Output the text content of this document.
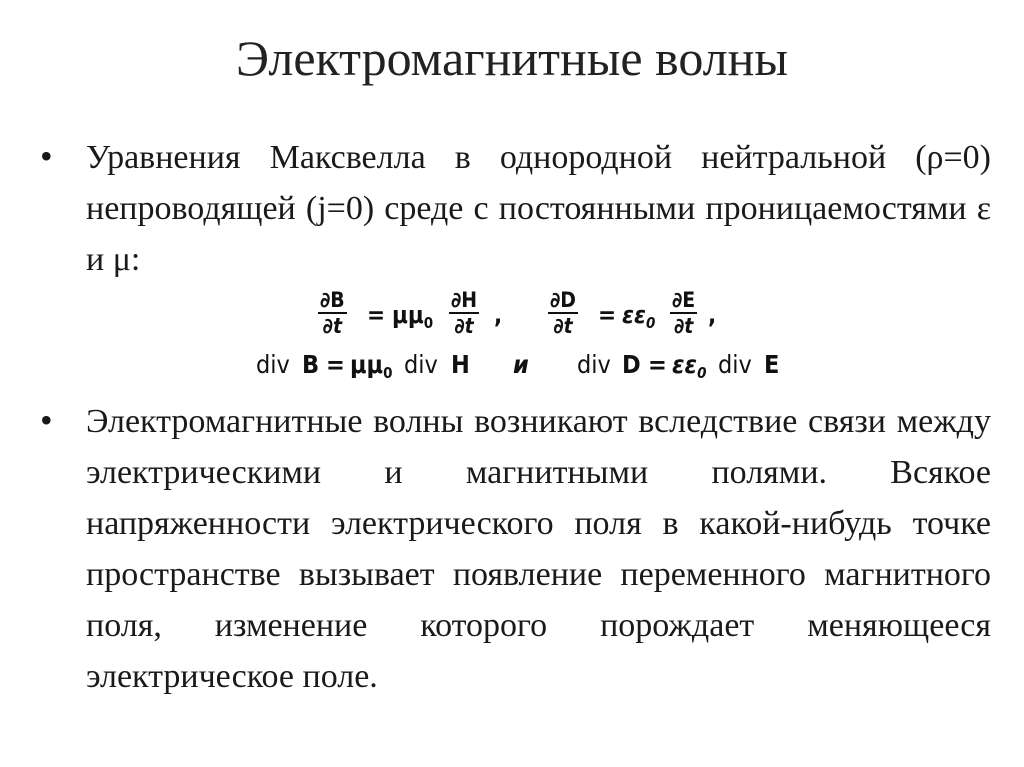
Электромагнитные волны
• Уравнения Максвелла в однородной нейтральной (ρ=0) непроводящей (j=0) среде с постоянными проницаемостями ε и μ:
$\frac{\partial B}{\partial t} = \mu\mu_0 \frac{\partial H}{\partial t}$ , $\frac{\partial D}{\partial t} = \varepsilon\varepsilon_0 \frac{\partial E}{\partial t}$ ,
div $B = \mu\mu_0$ div H и div $D = \varepsilon\varepsilon_0$ div E
• Электромагнитные волны возникают вследствие связи между электрическими и магнитными полями. Всякое напряженности электрического поля в какой-нибудь точке пространстве вызывает появление переменного магнитного поля, изменение которого порождает меняющееся электрическое поле.
